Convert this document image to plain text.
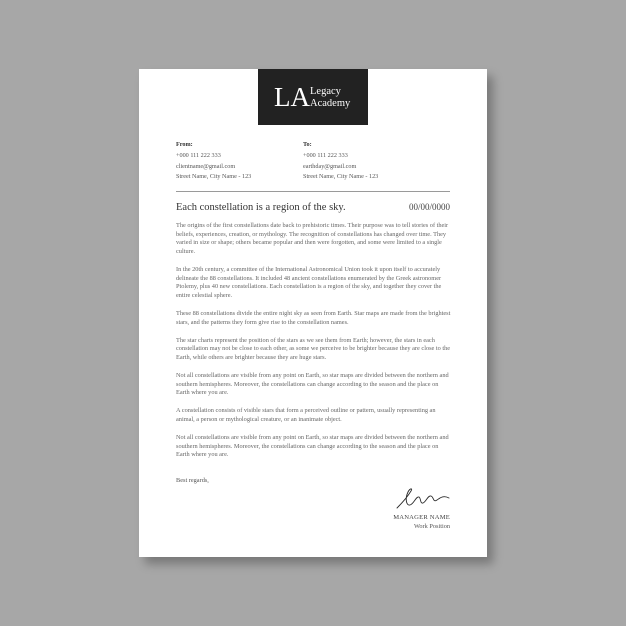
LA Legacy
Academy
From:
+000 111 222 333
clientname@gmail.com
Street Name, City Name - 123
To:
+000 111 222 333
earthday@gmail.com
Street Name, City Name - 123
Each constellation is a region of the sky.	00/00/0000

The origins of the first constellations date back to prehistoric times. Their purpose was to tell stories of their beliefs, experiences, creation, or mythology. The recognition of constellations has changed over time. They varied in size or shape; others became popular and then were forgotten, and some were limited to a single culture.

In the 20th century, a committee of the International Astronomical Union took it upon itself to accurately delineate the 88 constellations. It included 48 ancient constellations enumerated by the Greek astronomer Ptolemy, plus 40 new constellations. Each constellation is a region of the sky, and together they cover the entire celestial sphere.

These 88 constellations divide the entire night sky as seen from Earth. Star maps are made from the brightest stars, and the patterns they form give rise to the constellation names.

The star charts represent the position of the stars as we see them from Earth; however, the stars in each constellation may not be close to each other, as some we perceive to be brighter because they are close to the Earth, while others are brighter because they are huge stars.

Not all constellations are visible from any point on Earth, so star maps are divided between the northern and southern hemispheres. Moreover, the constellations can change according to the season and the place on Earth where you are.

A constellation consists of visible stars that form a perceived outline or pattern, usually representing an animal, a person or mythological creature, or an inanimate object.

Not all constellations are visible from any point on Earth, so star maps are divided between the northern and southern hemispheres. Moreover, the constellations can change according to the season and the place on Earth where you are.

Best regards,
MANAGER NAME
Work Position
